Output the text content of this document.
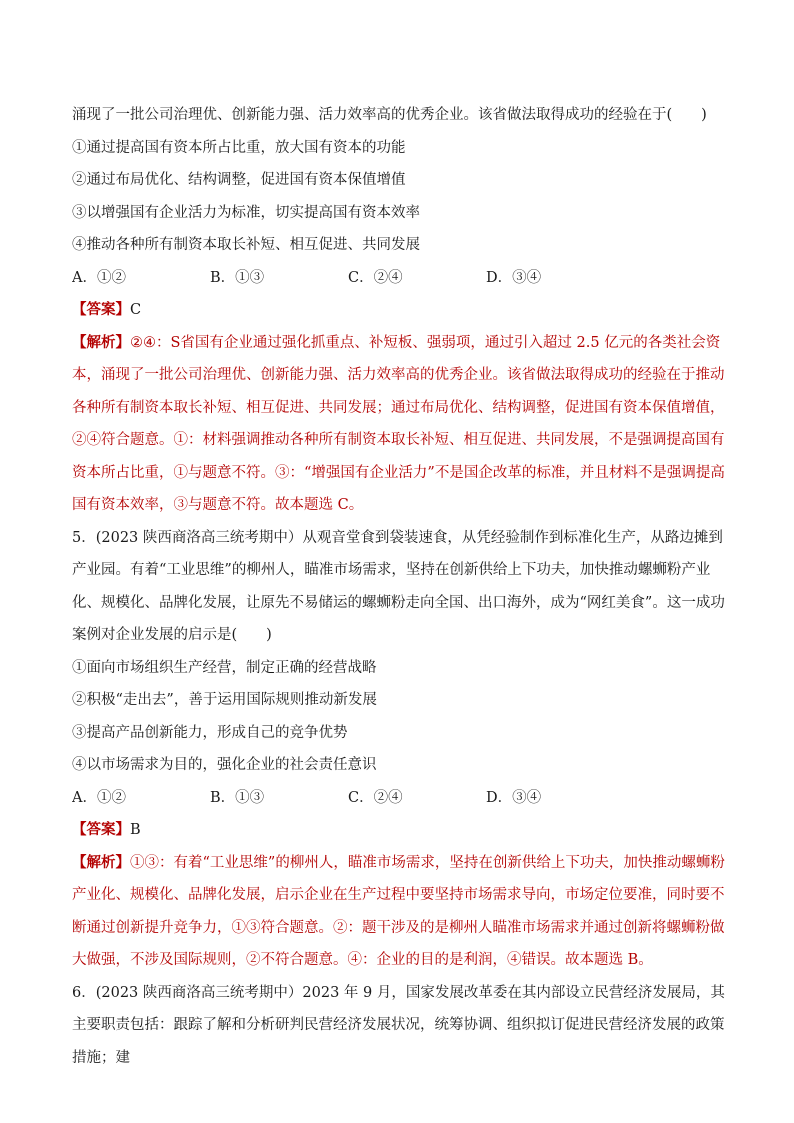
涌现了一批公司治理优、创新能力强、活力效率高的优秀企业。该省做法取得成功的经验在于(　　)
①通过提高国有资本所占比重，放大国有资本的功能
②通过布局优化、结构调整，促进国有资本保值增值
③以增强国有企业活力为标准，切实提高国有资本效率
④推动各种所有制资本取长补短、相互促进、共同发展
A．①②	B．①③	C．②④	D．③④
【答案】C
【解析】②④：S省国有企业通过强化抓重点、补短板、强弱项，通过引入超过 2.5 亿元的各类社会资本，涌现了一批公司治理优、创新能力强、活力效率高的优秀企业。该省做法取得成功的经验在于推动各种所有制资本取长补短、相互促进、共同发展；通过布局优化、结构调整，促进国有资本保值增值，②④符合题意。①：材料强调推动各种所有制资本取长补短、相互促进、共同发展，不是强调提高国有资本所占比重，①与题意不符。③：“增强国有企业活力”不是国企改革的标准，并且材料不是强调提高国有资本效率，③与题意不符。故本题选 C。
5．(2023 陕西商洛高三统考期中）从观音堂食到袋装速食，从凭经验制作到标准化生产，从路边摊到产业园。有着“工业思维”的柳州人，瞄准市场需求，坚持在创新供给上下功夫，加快推动螺蛳粉产业化、规模化、品牌化发展，让原先不易储运的螺蛳粉走向全国、出口海外，成为“网红美食”。这一成功案例对企业发展的启示是(　　)
①面向市场组织生产经营，制定正确的经营战略
②积极“走出去”，善于运用国际规则推动新发展
③提高产品创新能力，形成自己的竞争优势
④以市场需求为目的，强化企业的社会责任意识
A．①②	B．①③	C．②④	D．③④
【答案】B
【解析】①③：有着“工业思维”的柳州人，瞄准市场需求，坚持在创新供给上下功夫，加快推动螺蛳粉产业化、规模化、品牌化发展，启示企业在生产过程中要坚持市场需求导向，市场定位要准，同时要不断通过创新提升竞争力，①③符合题意。②：题干涉及的是柳州人瞄准市场需求并通过创新将螺蛳粉做大做强，不涉及国际规则，②不符合题意。④：企业的目的是利润，④错误。故本题选 B。
6．(2023 陕西商洛高三统考期中）2023 年 9 月，国家发展改革委在其内部设立民营经济发展局，其主要职责包括：跟踪了解和分析研判民营经济发展状况，统筹协调、组织拟订促进民营经济发展的政策措施；建
